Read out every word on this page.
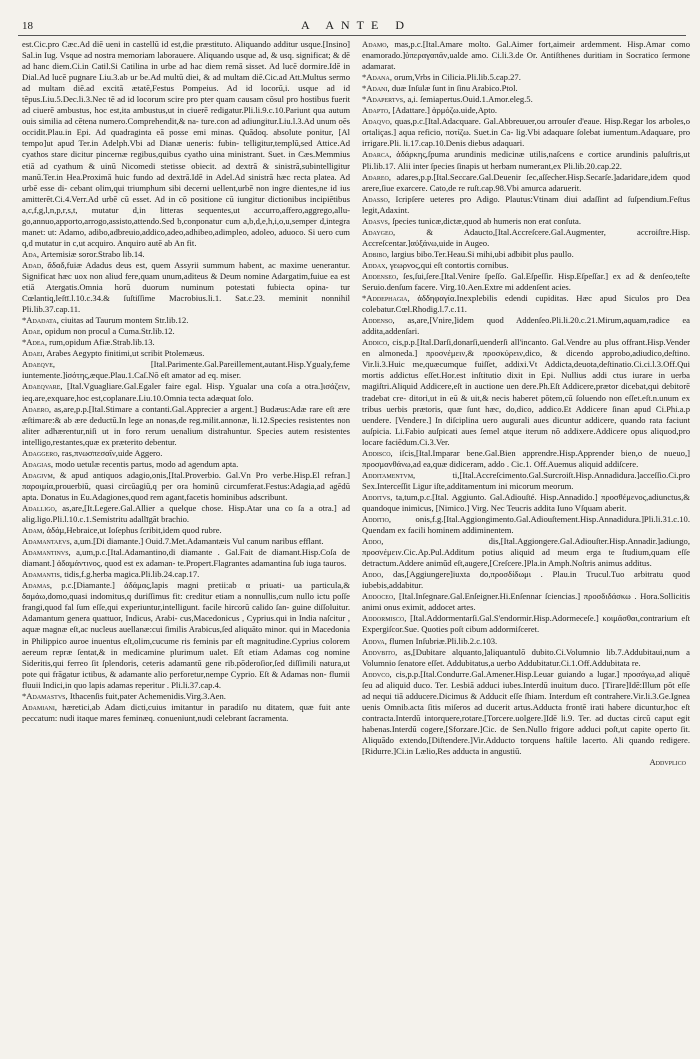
18	A ANTE D

est.Cic.pro Cæc.Ad diē ueni in castellū id est,die præstituto. Aliquando additur usque.[Insino] Sal.in Iug. Vsque ad nostra memoriam laborauere. Aliquando usque ad, & usq. significat; & dē ad hanc diem.Ci.in Catil.Si Catilina in urbe ad hac diem remā sisset. Ad lucē dormire.Idē in Dial.Ad lucē pugnare Liu.3.ab ur be.Ad multū diei, & ad multam diē.Cic.ad Att.Multus sermo ad multam diē.ad excitā ætatē,Festus Pompeius. Ad id locorū,i. usque ad id tēpus.Liu.5.Dec.li.3.Nec tē ad id locorum scire pro pter quam causam cōsul pro hostibus fuerit ad ciuerē ambustus, hoc est,ita ambustus,ut in ciuerē redigatur.Pli.li.9.c.10.Pariunt qua autum ouis similia ad cētena numero.Comprehendit,& na- ture.con ad adiungitur.Liu.l.3.Ad unum oēs occidit.Plau.in Epi. Ad quadraginta eā posse emi minas. Quādoq. absolute ponitur, [Al tempo]ut apud Ter.in Adelph.Vbi ad Dianæ ueneris: fubin- telligitur,templū,sed Attice.Ad cyathos stare dicitur pincernæ regibus,quibus cyatho uina ministrant. Suet. in Cæs.Memmius etiā ad cyathum & uinū Nicomedi stetisse obiecit. ad dextrā & sinistrā,subintelligitur manū.Ter.in Hea.Proximā huic fundo ad dextrā.Idē in Adel.Ad sinistrā hæc recta platea. Ad urbē esse di- cebant olim,qui triumphum sibi decerni uellent,urbē non ingre dientes,ne id ius amitterēt.Ci.4.Verr.Ad urbē cū esset. Ad in cō positione cū iungitur dictionibus incipiētibus a,c,f,g,l,n,p,r,s,t, mutatur d,in litteras sequentes,ut accurro,affero,aggrego,allu- go,annuo,apporto,arrogo,assisto,attendo.Sed b,conponatur cum a,b,d,e,h,i,o,u,semper d,integra manet: ut: Adamo, adibo,adbreuio,addico,adeo,adhibeo,adimpleo, adoleo, aduoco. Si uero cum q,d mutatur in c,ut acquiro. Anquiro autē ab An fit.

Ada, Artemisiæ soror.Strabo lib.14.

Adad, ἄδαδ,fuiæ Adadus deus est, quem Assyrii summum habent, ac maxime uenerantur. Significat hæc uox non aliud fere,quam unum,aditeus & Deum nomine Adargatim,fuiue ea est etiā Atergatis.Omnia horū duorum numinum potestati fubiecta opina- tur Cœlantiq,leſtī.l.10.c.34.& ſuſtiſſime Macrobius.li.1. Sat.c.23. meminit nonnihil Pli.lib.37.cap.11.

*Adadata, ciuitas ad Taurum montem Str.lib.12.

Adae, opidum non procul a Cuma.Str.lib.12.

*Adea, rum,opidum Afiæ.Strab.lib.13.

Adaei, Arabes Aegypto finitimi,ut scribit Ptolemæus.

Adaeqve,	[Ital.Parimente.Gal.Pareillement,autant.Hisp.Ygualy,feme iuntemente.]ἰσότης,æque.Plau.1.Caſ.Nō eſt amator ad eq. miser.

Adaeqvare, [Ital.Vguagliare.Gal.Egaler faire egal. Hisp. Ygualar una coſa a otra.]ισάζειν, ieq.are,exquare,hoc est,coplanare.Liu.10.Omnia tecta adæquat ſolo.

Adaero, as,are,p.p.[Ital.Stimare a contanti.Gal.Apprecier a argent.] Budæus:Adæ rare eſt ære æſtimare:& ab ære deductū.In lege an nonas,de reg.milit.annonæ, li.12.Species resistentes non aliter adhærentur,niſi ut in foro rerum uenalium distrahuntur. Species autem resistentes intelligo,restantes,quæ ex præterito debentur.

Adaggero, ras,πνωσπεσαῖν,uide Aggero.

Adagias, modo uetulæ recentis partus, modo ad agendum apta.

Adagivm, & apud antiquos adagio,onis,[Ital.Proverbio. Gal.Vn Pro verbe.Hisp.El refran.] παροιμία,prouerbiū, quasi circūagiū,q per ora hominū circumferat.Festus:Adagia,ad agēdū apta. Donatus in Eu.Adagiones,quod rem agant,facetis hominibus adscribunt.

Adalligo, as,are,[It.Legere.Gal.Allier a quelque chose. Hisp.Atar una co ſa a otra.] ad alig.ligo.Pli.l.10.c.1.Semistritu adallīgāt brachio.

Adam, ἀδάμ,Hebraice,ut Ioſephus ſcribit,idem quod rubre.

Adamantaevs, a,um.[Di diamante.] Ouid.7.Met.Adamantæis Vul canum naribus efflant.

Adamantinvs, a,um,p.c.[Ital.Adamantino,di diamante . Gal.Fait de diamant.Hisp.Coſa de diamant.] ἀδαμάντινος, quod est ex adaman- te.Propert.Flagrantes adamantina ſub iuga tauros.

Adamantis, tidis,f.g.herba magica.Pli.lib.24.cap.17.

Adamas, p.c.[Diamante.] ἀδάμας,lapis magni pretii:ab α priuati- ua particula,& δαμάω,domo,quasi indomitus,q duriſſimus fit: creditur etiam a nonnullis,cum nullo ictu poſſe frangi,quod fal ſum eſſe,qui experiuntur,intelligunt. facile hircorū calido ſan- guine diſſoluitur. Adamantum genera quattuor, Indicus, Arabi- cus,Macedonicus , Cyprius.qui in India naſcitur , aquæ magnæ eſt,ac nucleus auellanæ:cui ſimilis Arabicus,ſed aliquāto minor. qui in Macedonia in Philippico auroe inuentus eſt,olim,cucume ris feminis par eſt magnitudine.Cyprius colorem aereum repræ ſentat,& in medicamine plurimum ualet. Eſt etiam Adamas cog nomine Sideritis,qui ferreo ſit ſplendoris, ceteris adamantū gene rib.pōderoſior,ſed diſſimili natura,ut pote qui frāgatur ictibus, & adamante alio perforetur,nempe Cyprio. Eſt & Adamas non- flumii fluuii Indici,in quo lapis adamas reperitur . Pli.li.37.cap.4.

*Adamastvs, Ithacenſis fuit,pater Achemenidis.Virg.3.Aen.

Adamiani, hæretici,ab Adam dicti,cuius imitantur in paradiſo nu ditatem, quæ fuit ante peccatum: nudi itaque mares feminæq. conueniunt,nudi celebrant ſacramenta.

Adamo, mas,p.c.[Ital.Amare molto. Gal.Aimer fort,aimeir ardemment. Hisp.Amar como enamorado.]ὑπεραγαπᾶν,ualde amo. Ci.li.3.de Or. Antiſthenes duritiam in Socratico ſermone adamarat.

*Adana, orum,Vrbs in Cilicia.Pli.lib.5.cap.27.

*Adani, duæ Inſulæ ſunt in ſinu Arabico.Ptol.

*Adapertvs, a,i. ſemiapertus.Ouid.1.Amor.eleg.5.

Adapto, [Adattare.] ἁρμόζω.uide,Apto.

Adaqvo, quas,p.c.[Ital.Adacquare. Gal.Abbreuuer,ou arrouſer d'eaue. Hisp.Regar los arboles,o ortaliças.] aqua reficio, ποτίζω. Suet.in Ca- lig.Vbi adaquare ſolebat iumentum.Adaquare, pro irrigare.Pli. li.17.cap.10.Denis diebus adaquari.

Adarca, ἀδάρκης,ſpuma arundinis medicinæ utilis,naſcens e cortice arundinis paluſtris,ut Pli.lib.17. Alii inter ſpecies ſinapis ut herbam numerant,ex Pli.lib.20.cap.22.

Adareo, adares,p.p.[Ital.Seccare.Gal.Deuenir ſec,aſſecher.Hisp.Secarſe.]adaridare,idem quod arere,ſiue exarcere. Cato,de re ruſt.cap.98.Vbi amurca adaruerit.

Adasso, Icripſere ueteres pro Adigo. Plautus:Vtinam diui adaſſint ad ſuſpendium.Feſtus legit,Adaxint.

Adasvs, ſpecies tunicæ,dictæ,quod ab humeris non erat conſuta.

Adaygeo,	& Adaucto,[Ital.Accreſcere.Gal.Augmenter, accroiſtre.Hisp. Accreſcentar.]αὐξάνω,uide in Augeo.

Adbibo, largius bibo.Ter.Heau.Si mihi,ubi adbibit plus paullo.

Addax, γεωρνος,qui eſt contortis cornibus.

Addenseo, ſes,ſui,ſere.[Ital.Venire ſpeſſo. Gal.Eſpeſſir. Hisp.Eſpeſſar.] ex ad & denſeo,teſte Seruio.denſum facere. Virg.10.Aen.Extre mi addenſent acies.

*Addephagia, ἀδδηφαγία.Inexplebilis edendi cupiditas. Hæc apud Siculos pro Dea colebatur.Cœl.Rhodig.l.7.c.11.

Addenso, as,are,[Vnire,]idem quod Addenſeo.Pli.li.20.c.21.Mirum,aquam,radice ea addita,addenſari.

Addico, cis,p.p.[Ital.Darſi,donarſi,uenderſi all'incanto. Gal.Vendre au plus offrant.Hisp.Vender en almoneda.] προσνέμειν,& προσκύρειν,dico, & dicendo approbo,adiudico,deſtino. Vir.li.3.Huic me,quæcumque fuiſſet, addixi.Vt Addicta,deuota,deſtinatio.Ci.ci.l.3.Off.Qui mortis addictus eſſet.Hor.est inſtitutio dixit in Epi. Nullius addi ctus iurare in uerba magiſtri.Aliquid Addicere,eſt in auctione uen dere.Ph.Eſt Addicere,prætor dicebat,qui debitorē tradebat cre- ditori,ut in eū & uit,& necis haberet pŏtem,cū ſoluendo non eſſet.eſt.n.unum ex tribus uerbis prætoris, quæ ſunt hæc, do,dico, addico.Et Addicere ſinan apud Ci.Phi.a.p uendere. [Vendere.] In diſciplina uero augurali aues dicuntur addicere, quando rata faciunt auſpicia. Li.Fabio auſpicati aues ſemel atque iterum nō addixere.Addicere opus aliquod,pro locare faciēdum.Ci.3.Ver.

Addisco, iſcis,[Ital.Imparar bene.Gal.Bien apprendre.Hisp.Apprender bien,o de nueuo,] προσμανθάνω,ad ea,quæ didiceram, addo . Cic.1. Off.Auemus aliquid addiſcere.

Additamentvm,	ti,[Ital.Accreſcimento.Gal.Surcroiſt.Hisp.Annadidura.]acceſſio.Ci.pro Sex.Interceſſit Ligur iſte,additamentum ini micorum meorum.

Additvs, ta,tum,p.c.[Ital. Aggiunto. Gal.Adiouſté. Hisp.Annadido.] προσθέμενος,adiunctus,& quandoque inimicus, [Nimico.] Virg. Nec Teucris addita Iuno Vſquam aberit.

Additio,	onis,f.g.[Ital.Aggiongimento.Gal.Adiouſtement.Hisp.Annadidura.]Pli.li.31.c.10. Quendam ex facili hominem addiminentem.

Addo,	dis,[Ital.Aggiongere.Gal.Adiouſter.Hisp.Annadir.]adiungo, προσνέμειν.Cic.Ap.Pul.Additum potius aliquid ad meum erga te ſtudium,quam eſſe detractum.Addere animūd eſt,augere,[Creſcere.]Pla.in Amph.Noſtris animus additus.

Addo, das,[Aggiungere]iuxta do,προσδίδωμι . Plau.in Trucul.Tuo arbitratu quod iubebis,addabitur.

Addoceo, [Ital.Inſegnare.Gal.Enſeigner.Hi.Enſennar ſciencias.] προσδιδάσκω . Hora.Sollicitis animi onus eximit, addocet artes.

Addormisco, [Ital.Addormentarſi.Gal.S'endormir.Hisp.Adormeceſe.] κοιμᾶσθαι,contrarium eſt Expergiſcor.Sue. Quoties poſt cibum addormiſceret.

Addva, flumen Inſubriæ.Pli.lib.2.c.103.

Addvbito, as,[Dubitare alquanto,]aliquantulō dubito.Ci.Volumnio lib.7.Addubitaui,num a Volumnio ſenatore eſſet. Addubitatus,a uerbo Addubitatur.Ci.1.Off.Addubitata re.

Addvco, cis,p.p.[Ital.Condurre.Gal.Amener.Hisp.Leuar guiando a lugar.] προσάγω,ad aliquē ſeu ad aliquid duco. Ter. Lesbiā adduci iubes.Interdū inuitum duco. [Tirare]Idē:Illum pōt eſſe ad nequi tiā adducere.Dicimus & Adducit eſſe ſhiam. Interdum eſt contrahere.Vir.li.3.Ge.Ignea uenis Omnib.acta ſitis miſeros ad ducerit artus.Adducta frontē irati habere dicuntur,hoc eſt contracta.Interdū intorquere,rotare.[Torcere.uolgere.]Idē li.9. Ter. ad ductas circū caput egit habenas.Interdū cogere,[Sforzare.]Cic. de Sen.Nullo frigore adduci poſt,ut capite operto ſit. Aliquādo extendo,[Diſtendere.]Vir.Adducto torquens haſtile lacerto. Ali quando redigere.[Ridurre.]Ci.in Lælio,Res adducta in angustiū.

Addvplico
